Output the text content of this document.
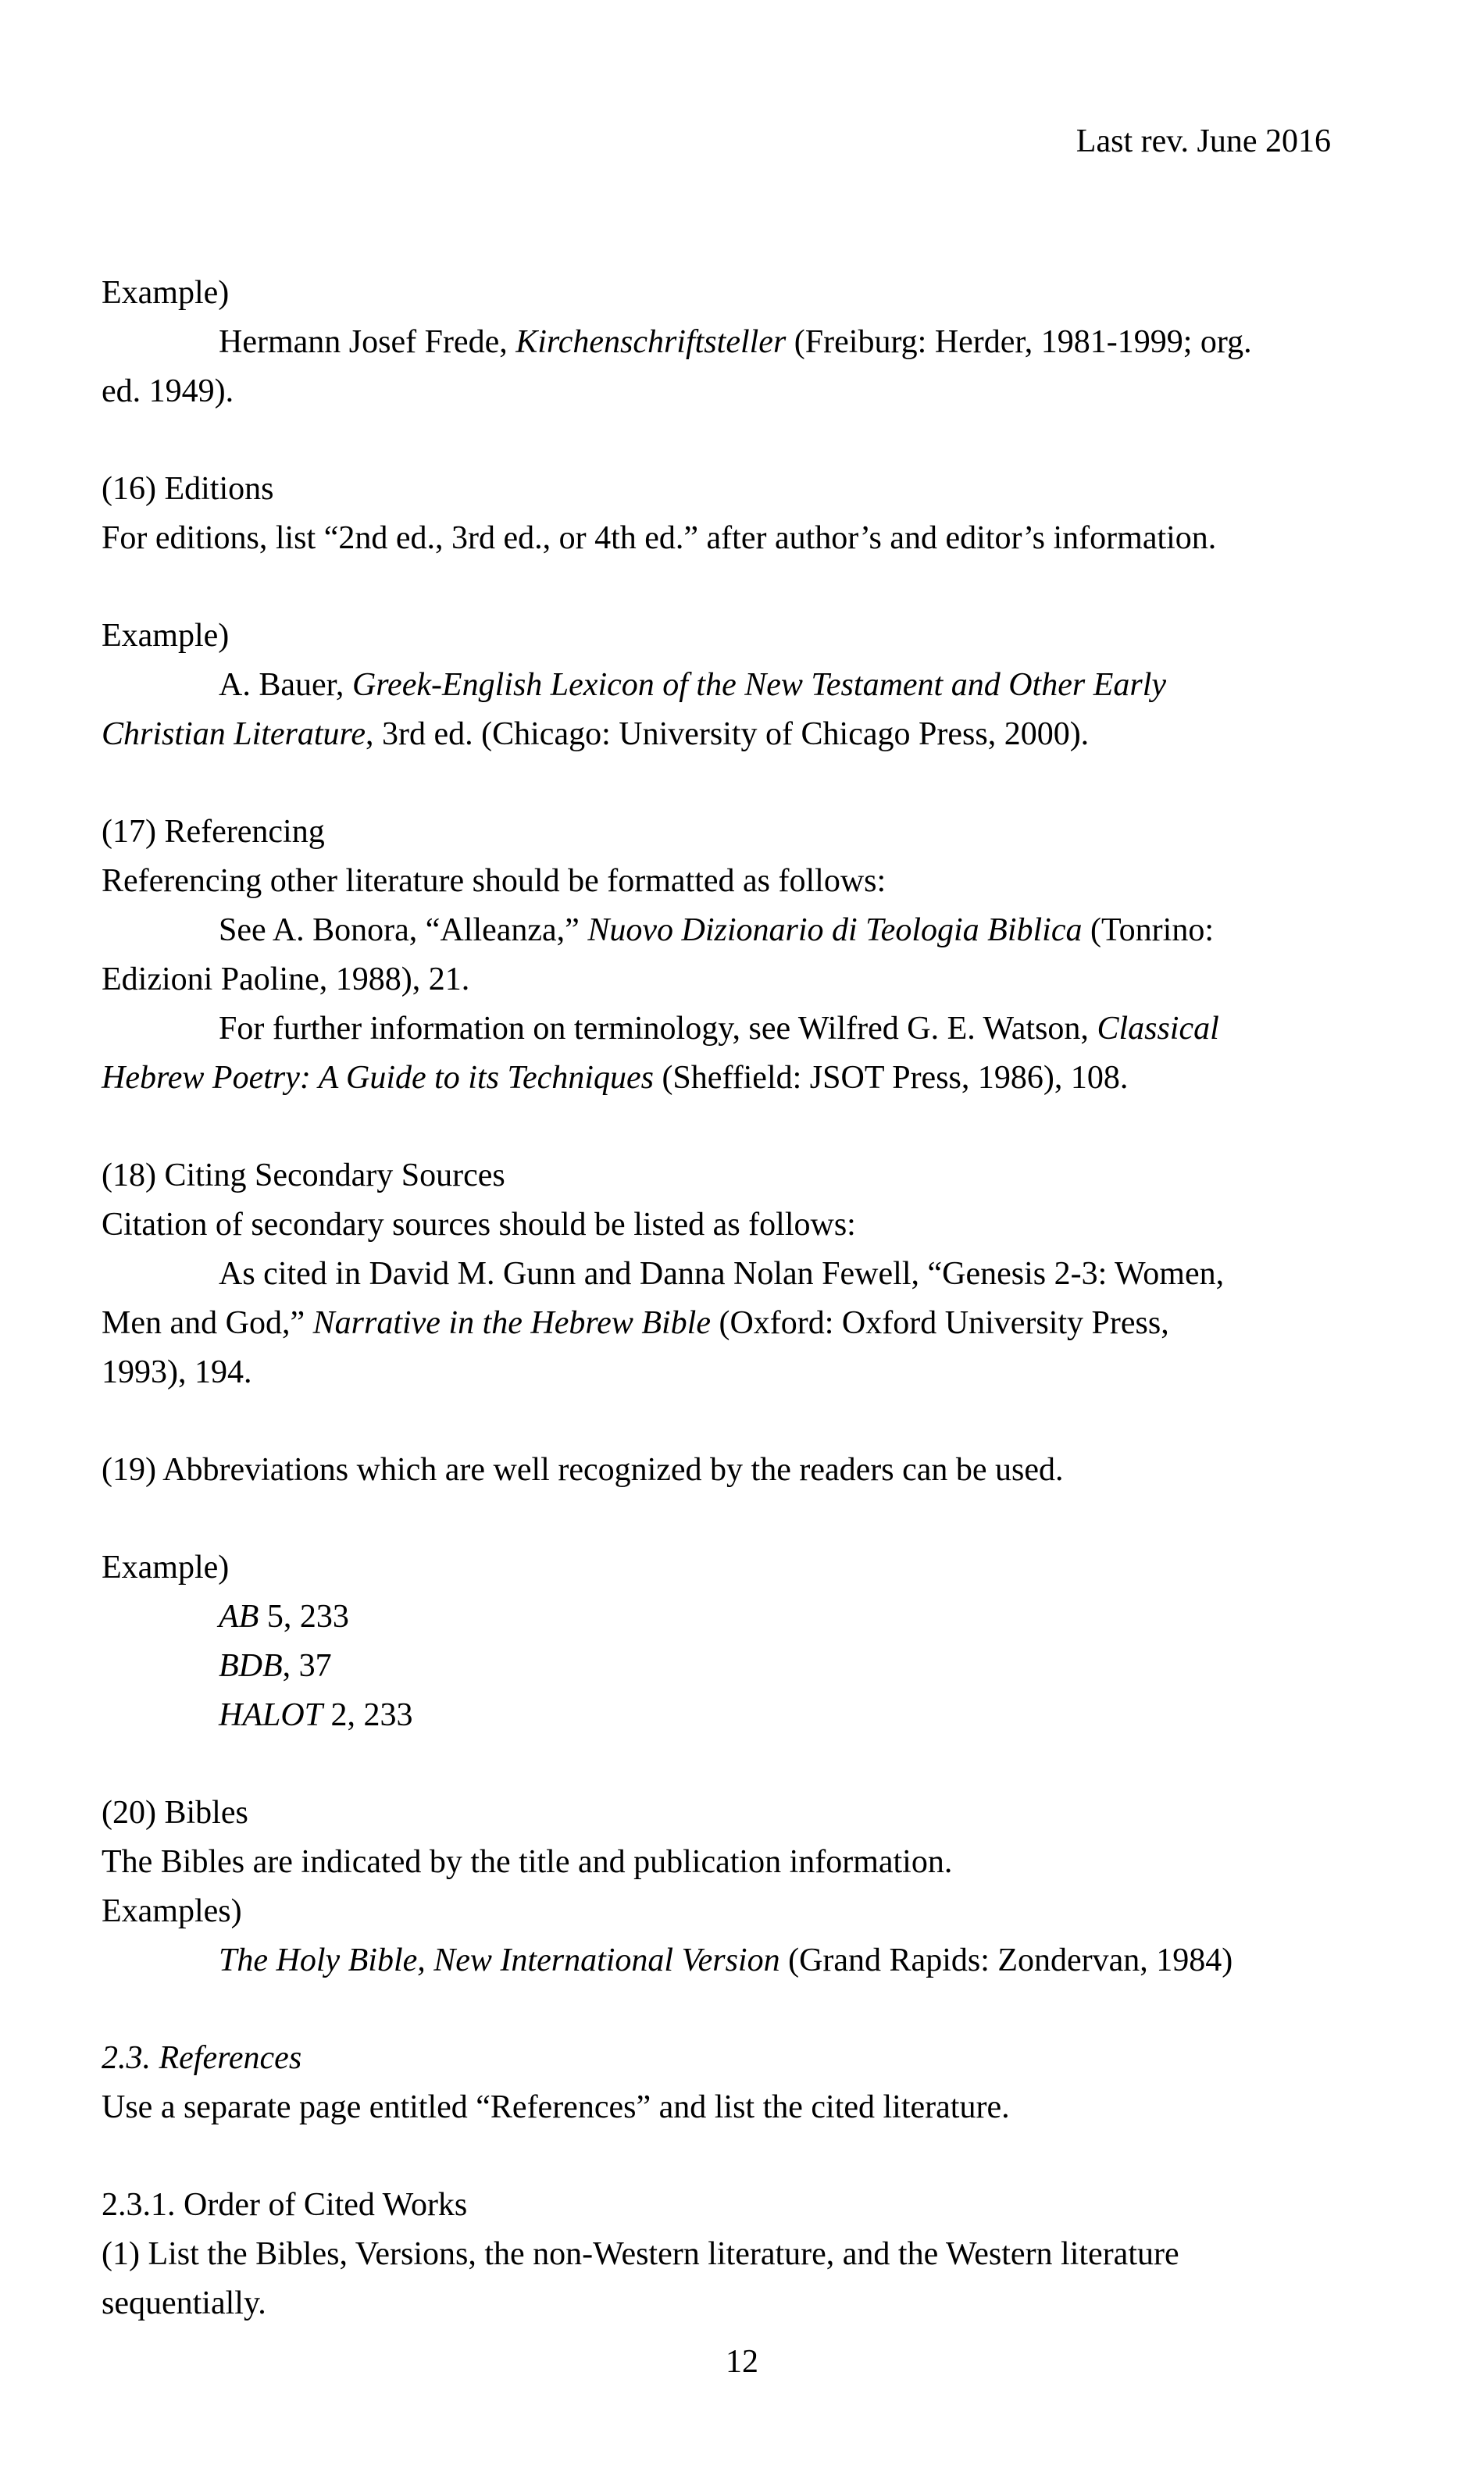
Last rev. June 2016

Example)

Hermann Josef Frede, Kirchenschriftsteller (Freiburg: Herder, 1981-1999; org.

ed. 1949).

(16) Editions

For editions, list “2nd ed., 3rd ed., or 4th ed.” after author’s and editor’s information.

Example)

A. Bauer, Greek-English Lexicon of the New Testament and Other Early

Christian Literature, 3rd ed. (Chicago: University of Chicago Press, 2000).

(17) Referencing

Referencing other literature should be formatted as follows:

See A. Bonora, “Alleanza,” Nuovo Dizionario di Teologia Biblica (Tonrino:

Edizioni Paoline, 1988), 21.

For further information on terminology, see Wilfred G. E. Watson, Classical

Hebrew Poetry: A Guide to its Techniques (Sheffield: JSOT Press, 1986), 108.

(18) Citing Secondary Sources

Citation of secondary sources should be listed as follows:

As cited in David M. Gunn and Danna Nolan Fewell, “Genesis 2-3: Women,

Men and God,” Narrative in the Hebrew Bible (Oxford: Oxford University Press,

1993), 194.

(19) Abbreviations which are well recognized by the readers can be used.

Example)

AB 5, 233

BDB, 37

HALOT 2, 233

(20) Bibles

The Bibles are indicated by the title and publication information.

Examples)

The Holy Bible, New International Version (Grand Rapids: Zondervan, 1984)

2.3. References

Use a separate page entitled “References” and list the cited literature.

2.3.1. Order of Cited Works

(1) List the Bibles, Versions, the non-Western literature, and the Western literature

sequentially.

12
